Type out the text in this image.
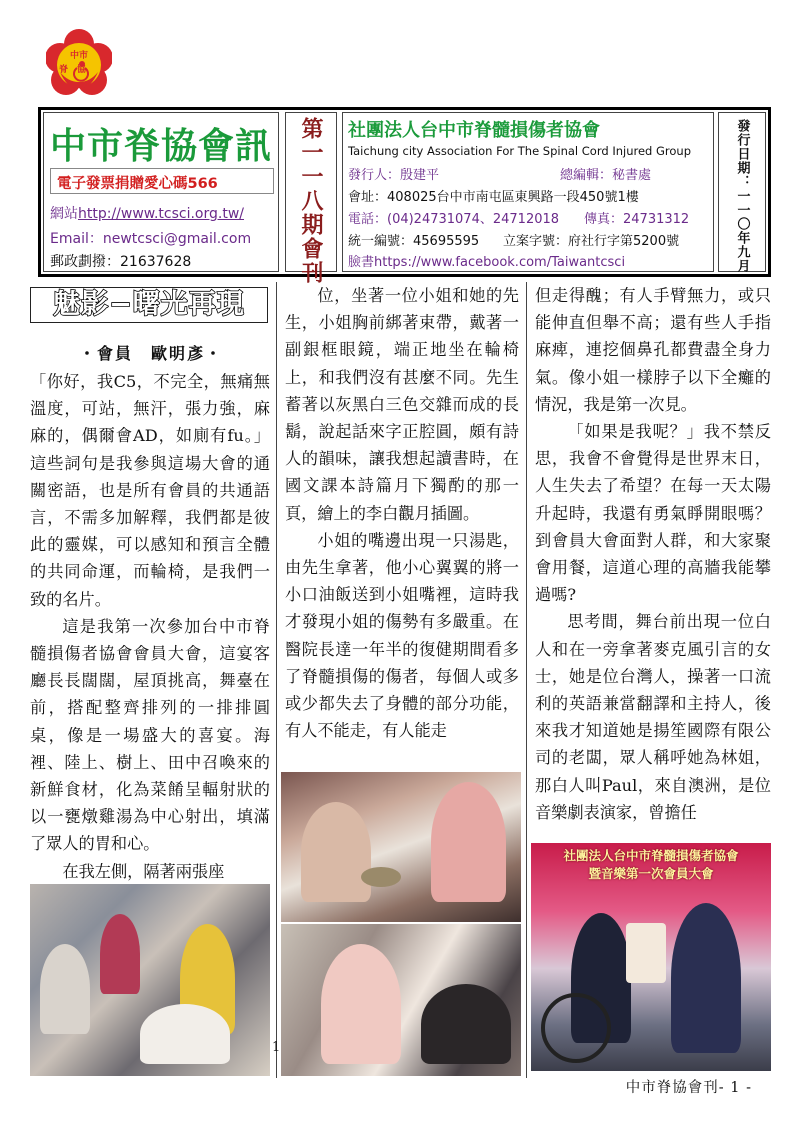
中市
脊　協
中市脊協會訊
電子發票捐贈愛心碼566
網站http://www.tcsci.org.tw/
Email：newtcsci@gmail.com
郵政劃撥：21637628	第一一八期會刊 社團法人台中市脊髓損傷者協會
Taichung city Association For The Spinal Cord Injured Group
發行人：殷建平	總編輯：秘書處
會址：408025台中市南屯區東興路一段450號1樓
電話：(04)24731074、24712018 傳真：24731312
統一編號：45695595 立案字號：府社行字第5200號
臉書https://www.facebook.com/Taiwantcsci	發行日期：一一〇年九月
魅影−曙光再現
・會員　歐明彥・

「你好，我C5，不完全，無痛無溫度，可站，無汗，張力強，麻麻的，偶爾會AD，如廁有fu。」這些詞句是我參與這場大會的通關密語，也是所有會員的共通語言，不需多加解釋，我們都是彼此的靈媒，可以感知和預言全體的共同命運，而輪椅，是我們一致的名片。

這是我第一次參加台中市脊髓損傷者協會會員大會，這宴客廳長長闊闊，屋頂挑高，舞臺在前，搭配整齊排列的一排排圓桌，像是一場盛大的喜宴。海裡、陸上、樹上、田中召喚來的新鮮食材，化為菜餚呈輻射狀的以一甕燉雞湯為中心射出，填滿了眾人的胃和心。

在我左側，隔著兩張座

位，坐著一位小姐和她的先生，小姐胸前綁著束帶，戴著一副銀框眼鏡，端正地坐在輪椅上，和我們沒有甚麼不同。先生蓄著以灰黑白三色交雜而成的長鬍，說起話來字正腔圓，頗有詩人的韻味，讓我想起讀書時，在國文課本詩篇月下獨酌的那一頁，繪上的李白觀月插圖。

小姐的嘴邊出現一只湯匙，由先生拿著，他小心翼翼的將一小口油飯送到小姐嘴裡，這時我才發現小姐的傷勢有多嚴重。在醫院長達一年半的復健期間看多了脊髓損傷的傷者，每個人或多或少都失去了身體的部分功能，有人不能走，有人能走

但走得醜；有人手臂無力，或只能伸直但舉不高；還有些人手指麻痺，連挖個鼻孔都費盡全身力氣。像小姐一樣脖子以下全癱的情況，我是第一次見。

「如果是我呢？」我不禁反思，我會不會覺得是世界末日，人生失去了希望？在每一天太陽升起時，我還有勇氣睜開眼嗎？到會員大會面對人群，和大家聚會用餐，這道心理的高牆我能攀過嗎?

思考間，舞台前出現一位白人和在一旁拿著麥克風引言的女士，她是位台灣人，操著一口流利的英語兼當翻譯和主持人，後來我才知道她是揚笙國際有限公司的老闆，眾人稱呼她為林姐，那白人叫Paul，來自澳洲，是位音樂劇表演家，曾擔任

社團法人台中市脊髓損傷者協會
暨音樂第一次會員大會
1
中市脊協會刊- 1 -
